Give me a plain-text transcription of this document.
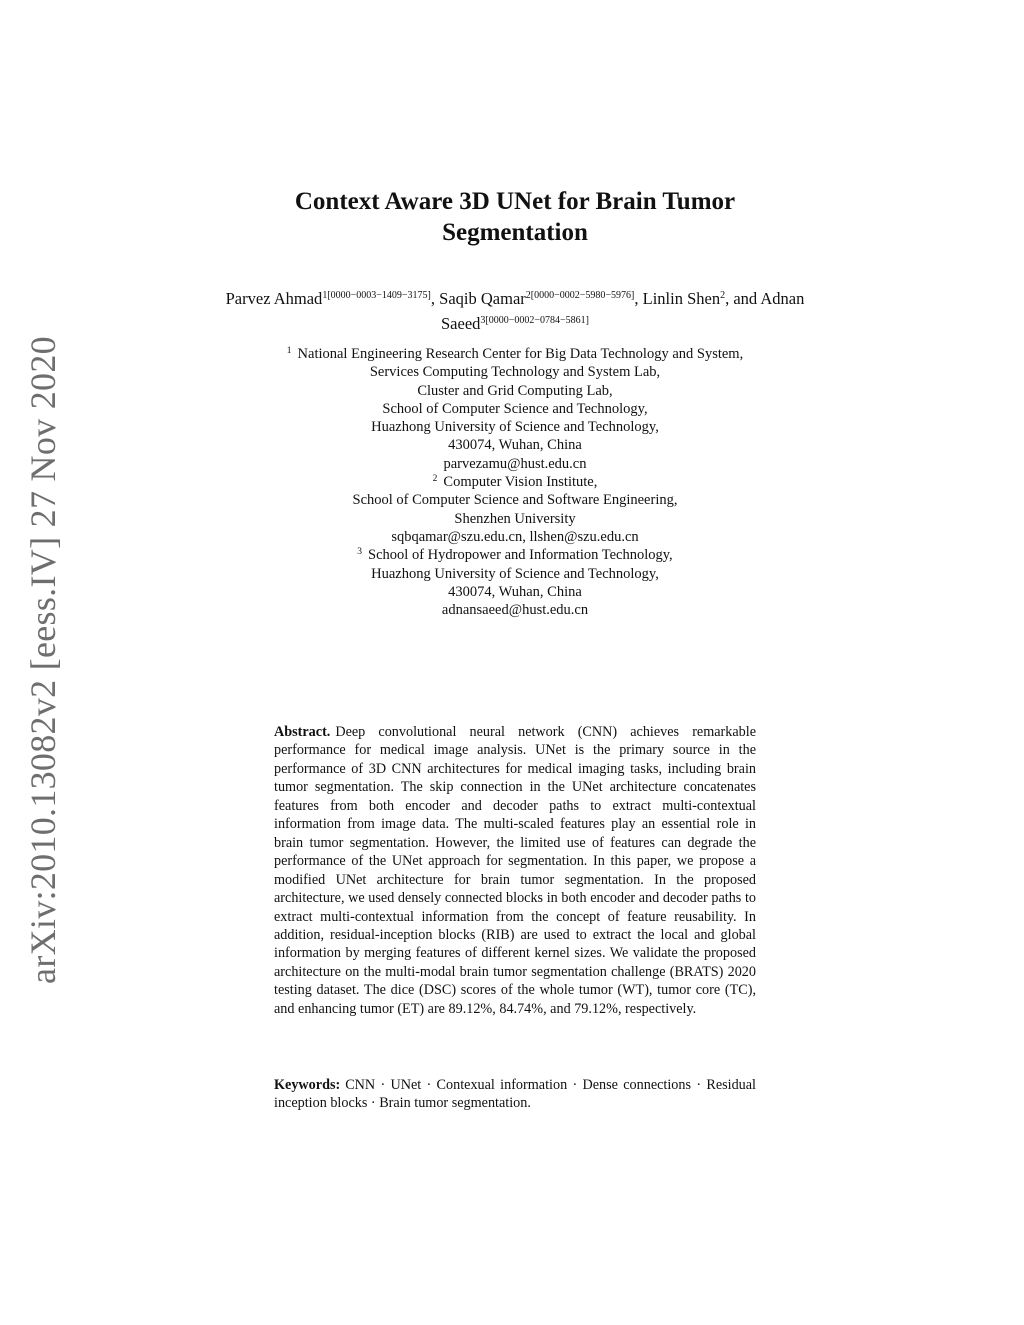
arXiv:2010.13082v2 [eess.IV] 27 Nov 2020
Context Aware 3D UNet for Brain Tumor
Segmentation
Parvez Ahmad$^{1[0000-0003-1409-3175]}$, Saqib Qamar$^{2[0000-0002-5980-5976]}$, Linlin Shen$^2$, and Adnan Saeed$^{3[0000-0002-0784-5861]}$
$^1$ National Engineering Research Center for Big Data Technology and System,
Services Computing Technology and System Lab,
Cluster and Grid Computing Lab,
School of Computer Science and Technology,
Huazhong University of Science and Technology,
430074, Wuhan, China
parvezamu@hust.edu.cn
$^2$ Computer Vision Institute,
School of Computer Science and Software Engineering,
Shenzhen University
sqbqamar@szu.edu.cn, llshen@szu.edu.cn
$^3$ School of Hydropower and Information Technology,
Huazhong University of Science and Technology,
430074, Wuhan, China
adnansaeed@hust.edu.cn

Abstract. Deep convolutional neural network (CNN) achieves remarkable performance for medical image analysis. UNet is the primary source in the performance of 3D CNN architectures for medical imaging tasks, including brain tumor segmentation. The skip connection in the UNet architecture concatenates features from both encoder and decoder paths to extract multi-contextual information from image data. The multi-scaled features play an essential role in brain tumor segmentation. However, the limited use of features can degrade the performance of the UNet approach for segmentation. In this paper, we propose a modified UNet architecture for brain tumor segmentation. In the proposed architecture, we used densely connected blocks in both encoder and decoder paths to extract multi-contextual information from the concept of feature reusability. In addition, residual-inception blocks (RIB) are used to extract the local and global information by merging features of different kernel sizes. We validate the proposed architecture on the multi-modal brain tumor segmentation challenge (BRATS) 2020 testing dataset. The dice (DSC) scores of the whole tumor (WT), tumor core (TC), and enhancing tumor (ET) are 89.12%, 84.74%, and 79.12%, respectively.

Keywords: CNN · UNet · Contexual information · Dense connections · Residual inception blocks · Brain tumor segmentation.
